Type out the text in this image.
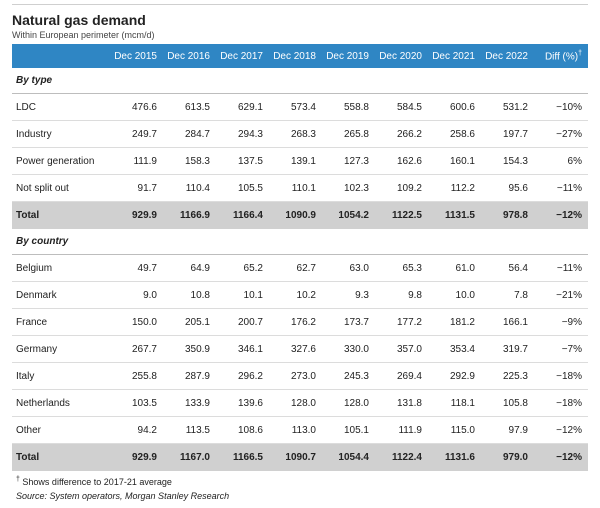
Natural gas demand
Within European perimeter (mcm/d)
	Dec 2015	Dec 2016	Dec 2017	Dec 2018	Dec 2019	Dec 2020	Dec 2021	Dec 2022	Diff (%)†
By type									
LDC	476.6	613.5	629.1	573.4	558.8	584.5	600.6	531.2	−10%
Industry	249.7	284.7	294.3	268.3	265.8	266.2	258.6	197.7	−27%
Power generation	111.9	158.3	137.5	139.1	127.3	162.6	160.1	154.3	6%
Not split out	91.7	110.4	105.5	110.1	102.3	109.2	112.2	95.6	−11%
Total	929.9	1166.9	1166.4	1090.9	1054.2	1122.5	1131.5	978.8	−12%
By country									
Belgium	49.7	64.9	65.2	62.7	63.0	65.3	61.0	56.4	−11%
Denmark	9.0	10.8	10.1	10.2	9.3	9.8	10.0	7.8	−21%
France	150.0	205.1	200.7	176.2	173.7	177.2	181.2	166.1	−9%
Germany	267.7	350.9	346.1	327.6	330.0	357.0	353.4	319.7	−7%
Italy	255.8	287.9	296.2	273.0	245.3	269.4	292.9	225.3	−18%
Netherlands	103.5	133.9	139.6	128.0	128.0	131.8	118.1	105.8	−18%
Other	94.2	113.5	108.6	113.0	105.1	111.9	115.0	97.9	−12%
Total	929.9	1167.0	1166.5	1090.7	1054.4	1122.4	1131.6	979.0	−12%
† Shows difference to 2017-21 average
Source: System operators, Morgan Stanley Research
